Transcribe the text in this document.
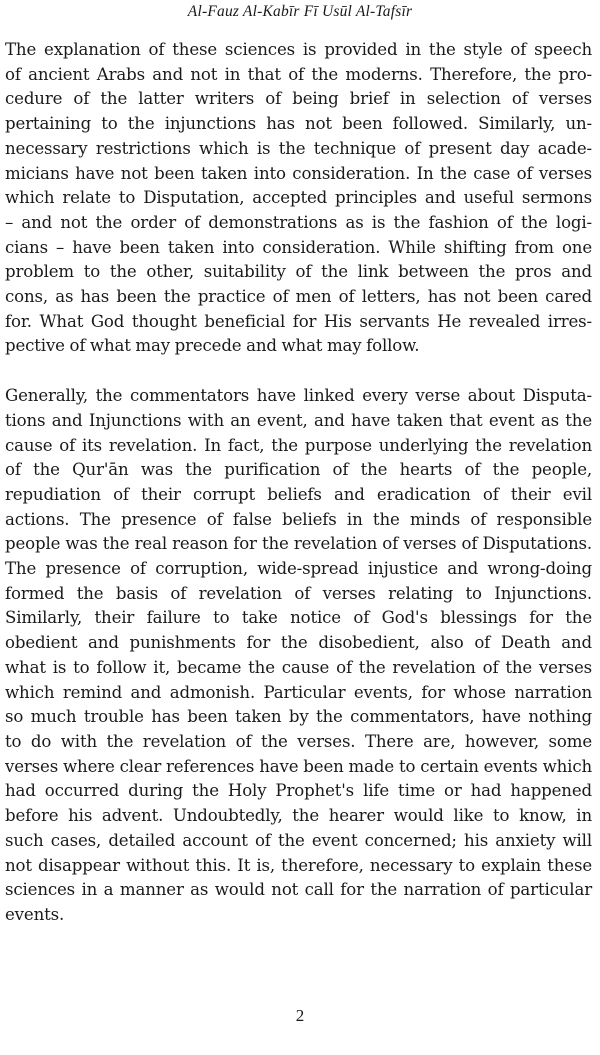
Al-Fauz Al-Kabīr Fī Usūl Al-Tafsīr

The explanation of these sciences is provided in the style of speech
of ancient Arabs and not in that of the moderns. Therefore, the pro-
cedure of the latter writers of being brief in selection of verses
pertaining to the injunctions has not been followed. Similarly, un-
necessary restrictions which is the technique of present day acade-
micians have not been taken into consideration. In the case of verses
which relate to Disputation, accepted principles and useful sermons
– and not the order of demonstrations as is the fashion of the logi-
cians – have been taken into consideration. While shifting from one
problem to the other, suitability of the link between the pros and
cons, as has been the practice of men of letters, has not been cared
for. What God thought beneficial for His servants He revealed irres-
pective of what may precede and what may follow.

Generally, the commentators have linked every verse about Disputa-
tions and Injunctions with an event, and have taken that event as the
cause of its revelation. In fact, the purpose underlying the revelation
of the Qur'ān was the purification of the hearts of the people,
repudiation of their corrupt beliefs and eradication of their evil
actions. The presence of false beliefs in the minds of responsible
people was the real reason for the revelation of verses of Disputations.
The presence of corruption, wide-spread injustice and wrong-doing
formed the basis of revelation of verses relating to Injunctions.
Similarly, their failure to take notice of God's blessings for the
obedient and punishments for the disobedient, also of Death and
what is to follow it, became the cause of the revelation of the verses
which remind and admonish. Particular events, for whose narration
so much trouble has been taken by the commentators, have nothing
to do with the revelation of the verses. There are, however, some
verses where clear references have been made to certain events which
had occurred during the Holy Prophet's life time or had happened
before his advent. Undoubtedly, the hearer would like to know, in
such cases, detailed account of the event concerned; his anxiety will
not disappear without this. It is, therefore, necessary to explain these
sciences in a manner as would not call for the narration of particular
events.

2
